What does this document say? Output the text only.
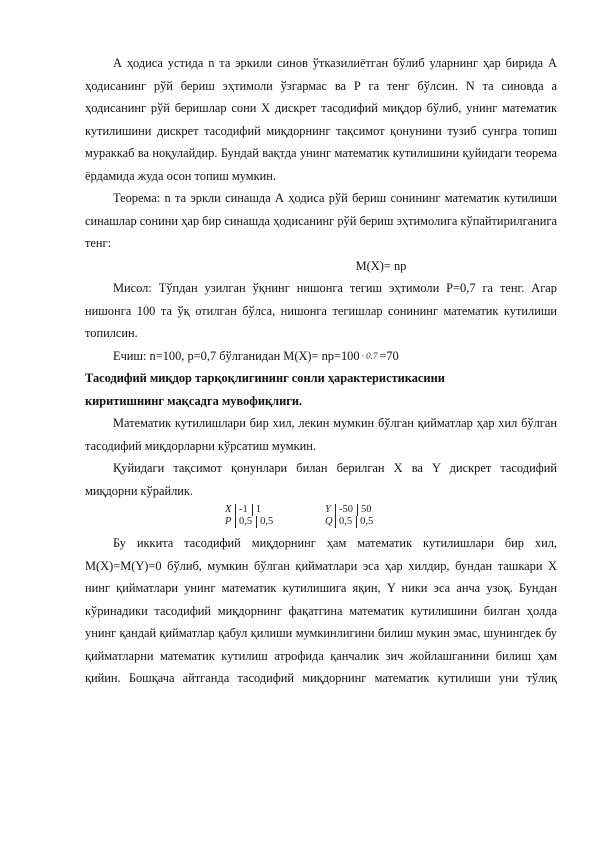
А ҳодиса устида n та эркили синов ўтказилиётган бўлиб уларнинг ҳар бирида А ҳодисанинг рўй бериш эҳтимоли ўзгармас ва Р га тенг бўлсин. N та синовда а ҳодисанинг рўй беришлар сони Х дискрет тасодифий миқдор бўлиб, унинг математик кутилишини дискрет тасодифий миқдорнинг тақсимот қонунини тузиб сунгра топиш мураккаб ва ноқулайдир. Бундай вақтда унинг математик кутилишини қуйидаги теорема ёрдамида жуда осон топиш мумкин.

Теорема: n та эркли синашда А ҳодиса рўй бериш сонининг математик кутилиши синашлар сонини ҳар бир синашда ҳодисанинг рўй бериш эҳтимолига кўпайтирилганига тенг:

M(X)= np

Мисол: Тўпдан узилган ўқнинг нишонга тегиш эҳтимоли Р=0,7 га тенг. Агар нишонга 100 та ўқ отилган бўлса, нишонга тегишлар сонининг математик кутилиши топилсин.

Ечиш: n=100, р=0,7 бўлганидан М(Х)= np=100 · 0.7 =70

Тасодифий миқдор тарқоқлигининг сонли ҳарактеристикасини

киритишнинг мақсадга мувофиқлиги.

Математик кутилишлари бир хил, лекин мумкин бўлган қийматлар ҳар хил бўлган тасодифий миқдорларни кўрсатиш мумкин.

Қуйидаги тақсимот қонунлари билан берилган Х ва Y дискрет тасодифий миқдорни кўрайлик.

X -1 1
P 0,5 0,5
Y -50 50
Q 0,5 0,5

Бу иккита тасодифий миқдорнинг ҳам математик кутилишлари бир хил, M(X)=M(Y)=0 бўлиб, мумкин бўлган қийматлари эса ҳар хилдир, бундан ташкари Х нинг қийматлари унинг математик кутилишига яқин, Y ники эса анча узоқ. Бундан кўринадики тасодифий миқдорнинг фақатгина математик кутилишини билган ҳолда унинг қандай қийматлар қабул қилиши мумкинлигини билиш мукин эмас, шунингдек бу қийматларни математик кутилиш атрофида қанчалик зич жойлашганини билиш ҳам қийин. Бошқача айтганда тасодифий миқдорнинг математик кутилиши уни тўлиқ
